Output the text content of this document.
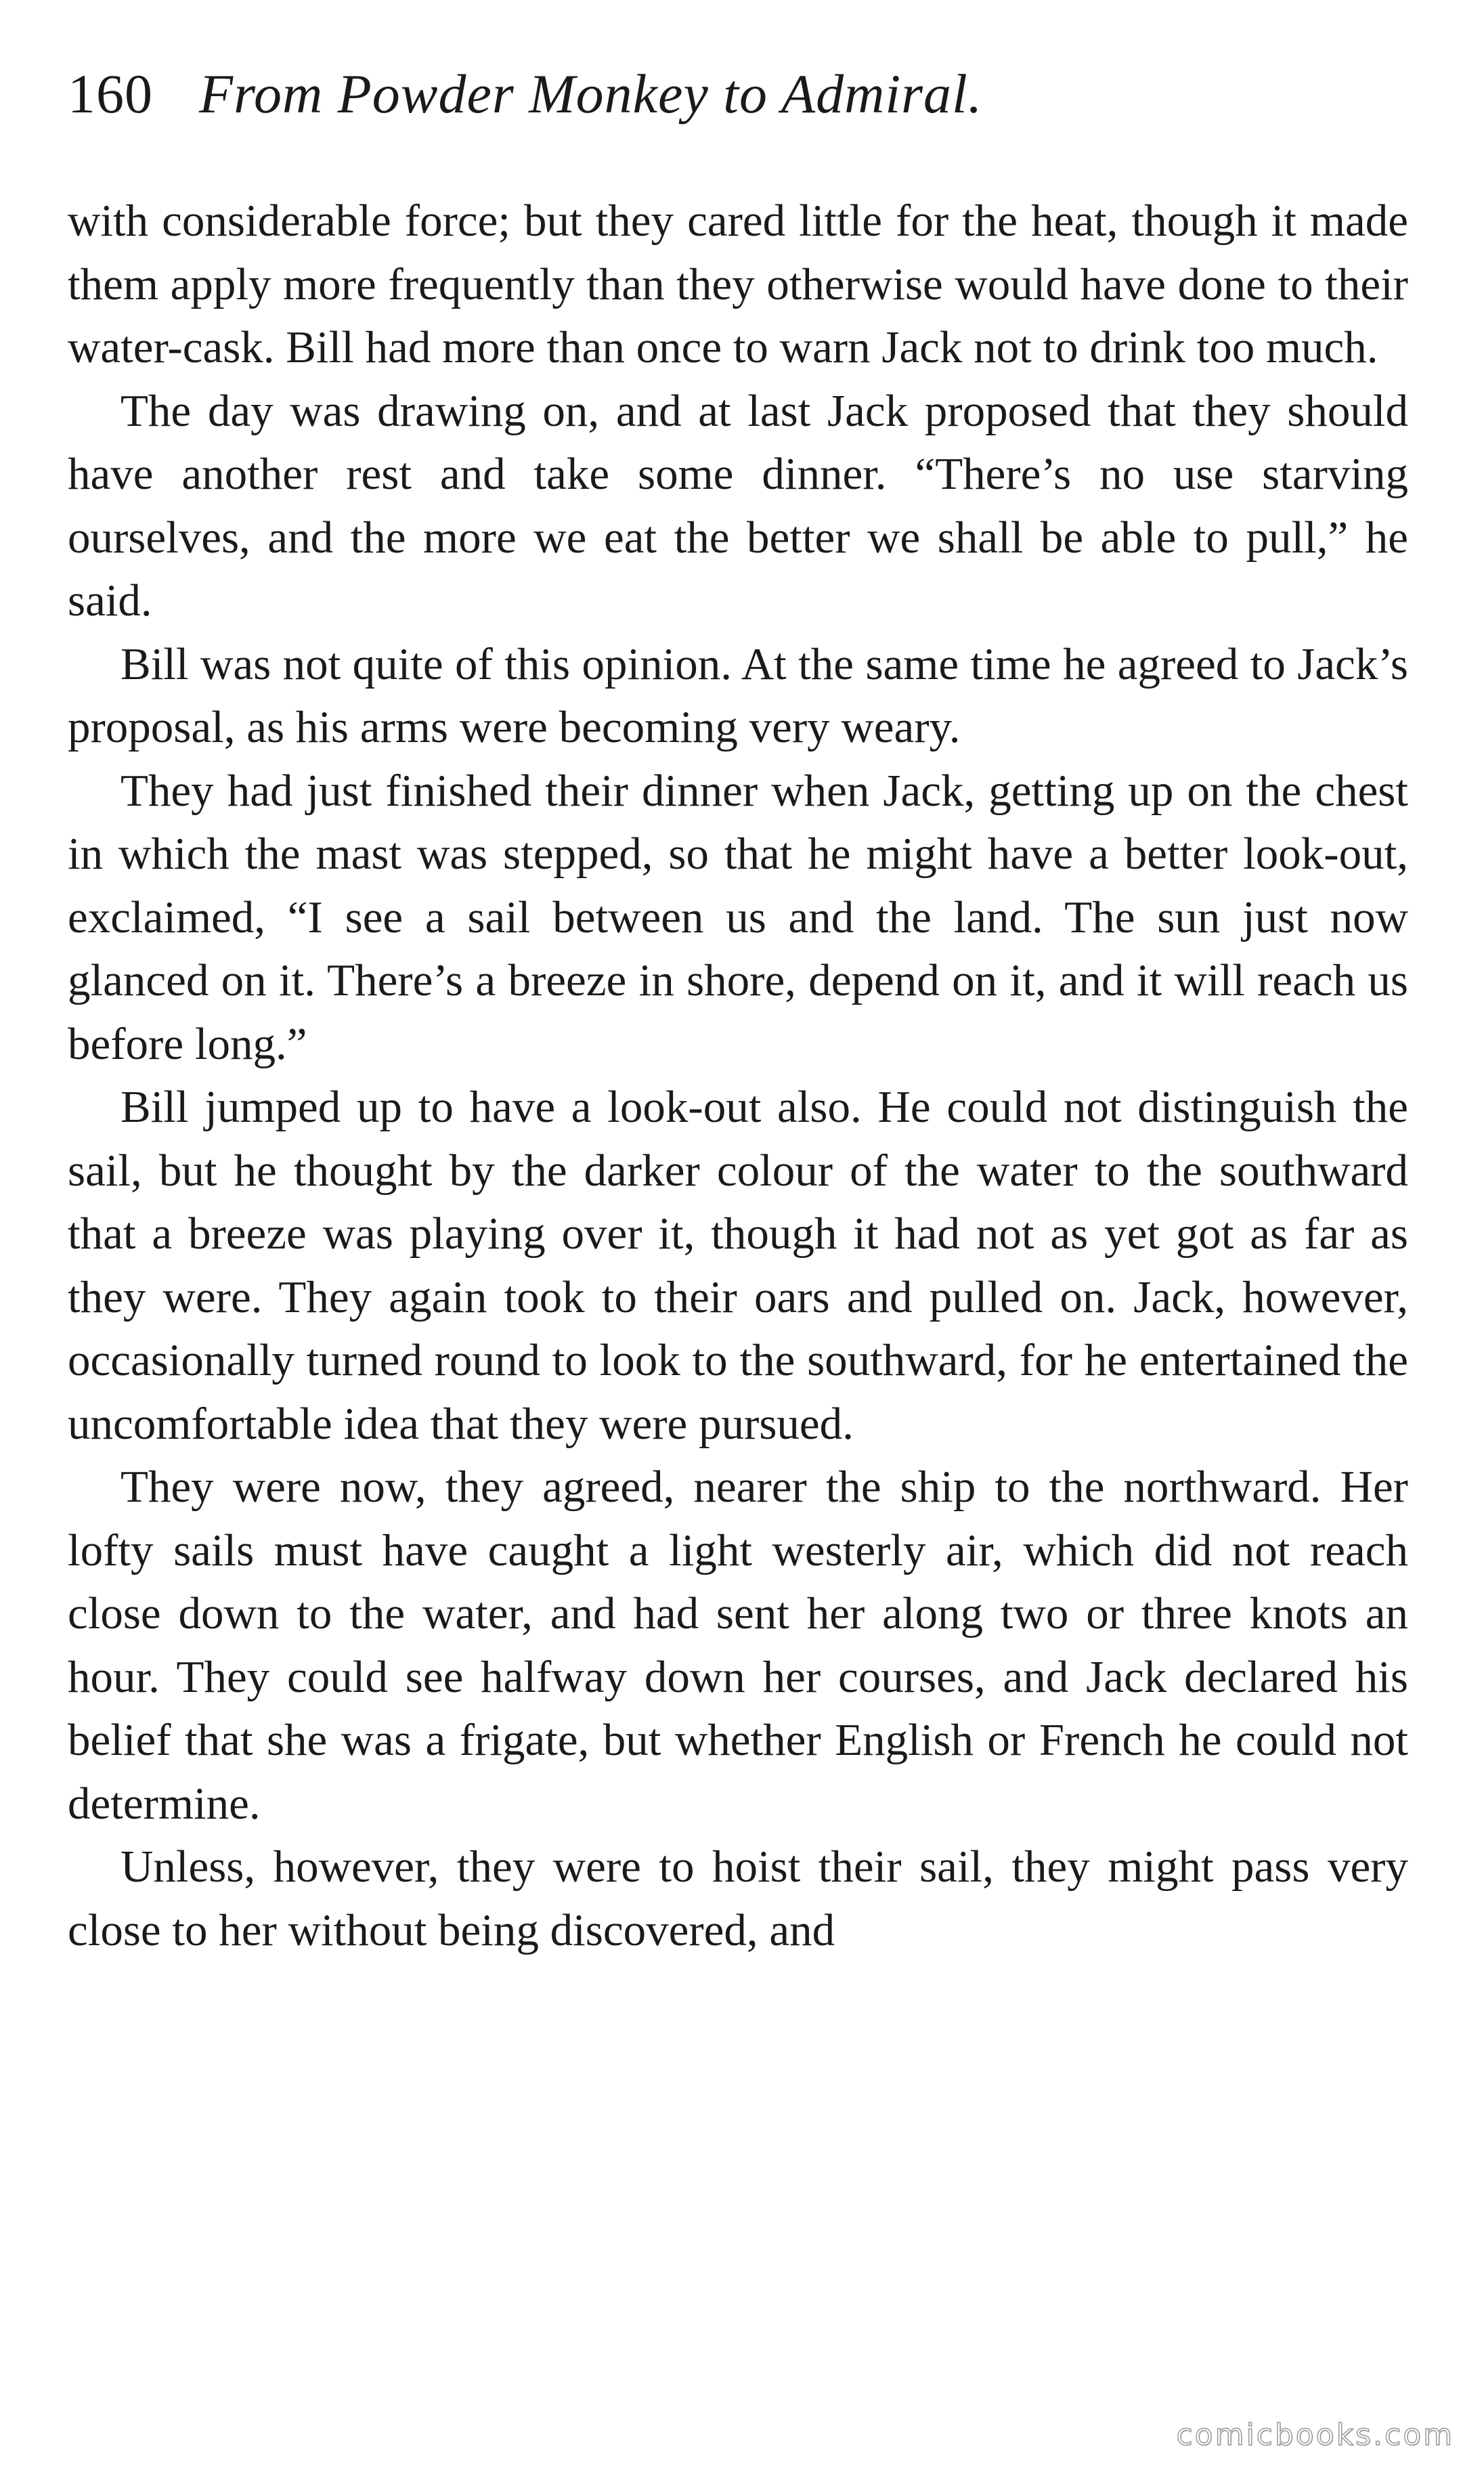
160 From Powder Monkey to Admiral.

with considerable force; but they cared little for the heat, though it made them apply more frequently than they otherwise would have done to their water-cask. Bill had more than once to warn Jack not to drink too much.

The day was drawing on, and at last Jack proposed that they should have another rest and take some dinner. “There’s no use starving ourselves, and the more we eat the better we shall be able to pull,” he said.

Bill was not quite of this opinion. At the same time he agreed to Jack’s proposal, as his arms were becoming very weary.

They had just finished their dinner when Jack, getting up on the chest in which the mast was stepped, so that he might have a better look-out, exclaimed, “I see a sail between us and the land. The sun just now glanced on it. There’s a breeze in shore, depend on it, and it will reach us before long.”

Bill jumped up to have a look-out also. He could not distinguish the sail, but he thought by the darker colour of the water to the southward that a breeze was playing over it, though it had not as yet got as far as they were. They again took to their oars and pulled on. Jack, however, occasionally turned round to look to the southward, for he entertained the uncomfortable idea that they were pursued.

They were now, they agreed, nearer the ship to the northward. Her lofty sails must have caught a light westerly air, which did not reach close down to the water, and had sent her along two or three knots an hour. They could see halfway down her courses, and Jack declared his belief that she was a frigate, but whether English or French he could not determine.

Unless, however, they were to hoist their sail, they might pass very close to her without being discovered, and

comicbooks.com
